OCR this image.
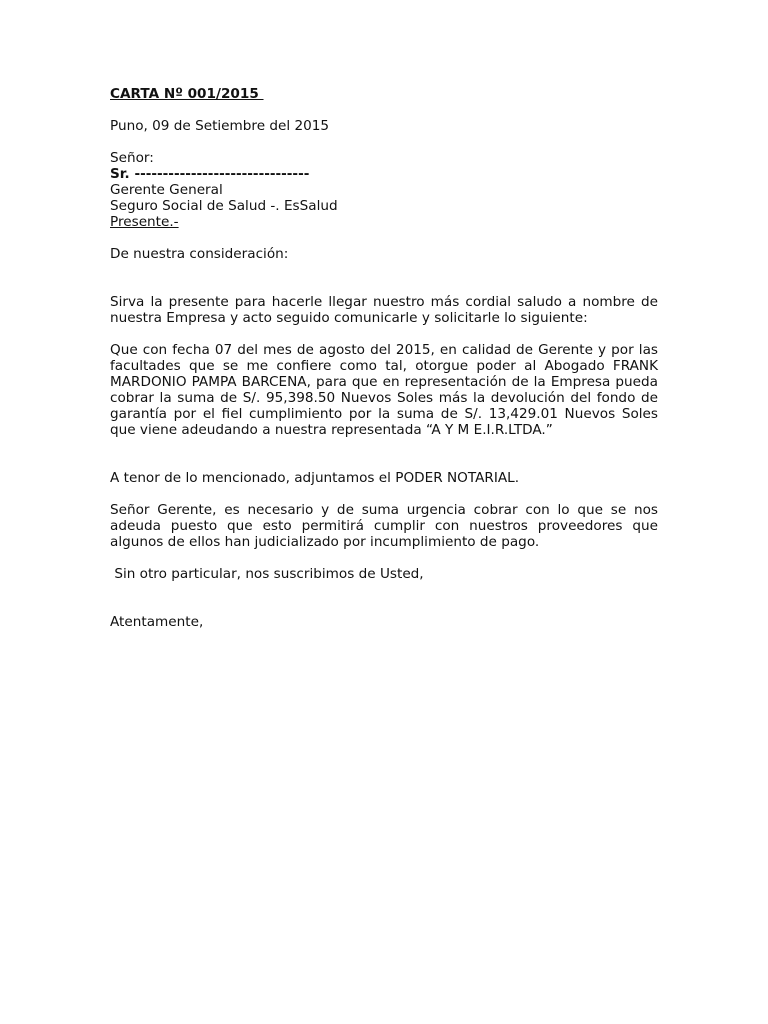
CARTA Nº 001/2015
Puno, 09 de Setiembre del 2015
Señor:
Sr. -------------------------------
Gerente General
Seguro Social de Salud -. EsSalud
Presente.-
De nuestra consideración:

Sirva la presente para hacerle llegar nuestro más cordial saludo a nombre de nuestra Empresa y acto seguido comunicarle y solicitarle lo siguiente:

Que con fecha 07 del mes de agosto del 2015, en calidad de Gerente y por las facultades que se me confiere como tal, otorgue poder al Abogado FRANK MARDONIO PAMPA BARCENA, para que en representación de la Empresa pueda cobrar la suma de S/. 95,398.50 Nuevos Soles más la devolución del fondo de garantía por el fiel cumplimiento por la suma de S/. 13,429.01 Nuevos Soles que viene adeudando a nuestra representada “A Y M E.I.R.LTDA.”

A tenor de lo mencionado, adjuntamos el PODER NOTARIAL.

Señor Gerente, es necesario y de suma urgencia cobrar con lo que se nos adeuda puesto que esto permitirá cumplir con nuestros proveedores que algunos de ellos han judicializado por incumplimiento de pago.

Sin otro particular, nos suscribimos de Usted,
Atentamente,
